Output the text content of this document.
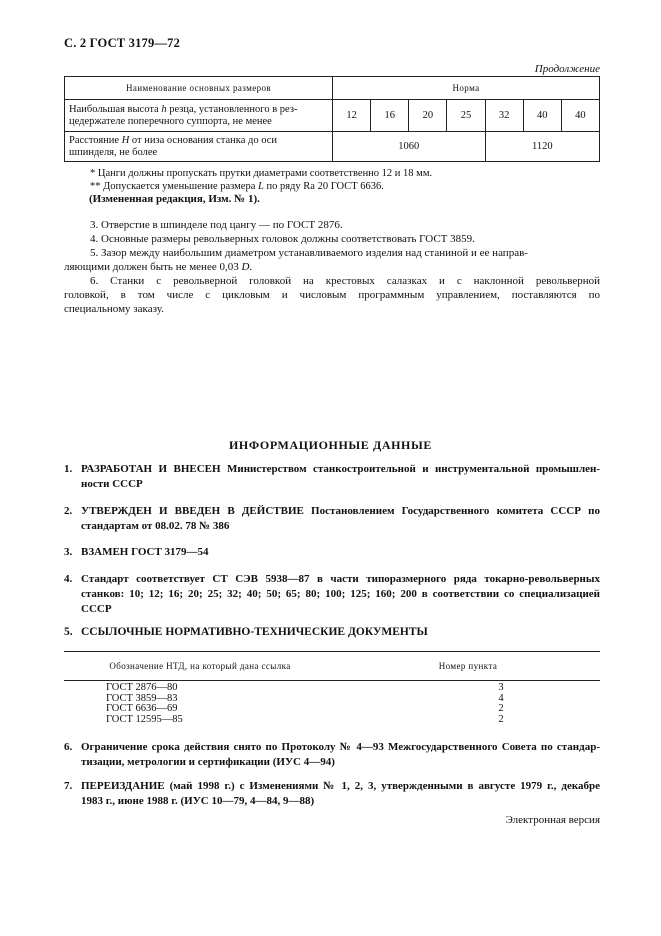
С. 2 ГОСТ 3179—72
Продолжение
Наименование основных размеров	Норма						
Наибольшая высота h резца, установленного в рез-
цедержателе поперечного суппорта, не менее	12	16	20	25	32	40	40
Расстояние H от низа основания станка до оси
шпинделя, не более	1060				1120		
* Цанги должны пропускать прутки диаметрами соответственно 12 и 18 мм.
** Допускается уменьшение размера L по ряду Ra 20 ГОСТ 6636.
(Измененная редакция, Изм. № 1).

3. Отверстие в шпинделе под цангу — по ГОСТ 2876.

4. Основные размеры револьверных головок должны соответствовать ГОСТ 3859.

5. Зазор между наибольшим диаметром устанавливаемого изделия над станиной и ее направ-

ляющими должен быть не менее 0,03 D.

6. Станки с револьверной головкой на крестовых салазках и с наклонной револьверной

головкой, в том числе с цикловым и числовым программным управлением, поставляются по

специальному заказу.

ИНФОРМАЦИОННЫЕ ДАННЫЕ
1. РАЗРАБОТАН И ВНЕСЕН Министерством станкостроительной и инструментальной промышлен-
ности СССР
2. УТВЕРЖДЕН И ВВЕДЕН В ДЕЙСТВИЕ Постановлением Государственного комитета СССР по
стандартам от 08.02. 78 № 386
3. ВЗАМЕН ГОСТ 3179—54
4. Стандарт соответствует СТ СЭВ 5938—87 в части типоразмерного ряда токарно-револьверных
станков: 10; 12; 16; 20; 25; 32; 40; 50; 65; 80; 100; 125; 160; 200 в соответствии со специализацией
СССР
5. ССЫЛОЧНЫЕ НОРМАТИВНО-ТЕХНИЧЕСКИЕ ДОКУМЕНТЫ
Обозначение НТД, на который дана ссылка	Номер пункта

ГОСТ 2876—80	3
ГОСТ 3859—83	4
ГОСТ 6636—69	2
ГОСТ 12595—85	2
6. Ограничение срока действия снято по Протоколу № 4—93 Межгосударственного Совета по стандар-
тизации, метрологии и сертификации (ИУС 4—94)
7. ПЕРЕИЗДАНИЕ (май 1998 г.) с Изменениями № 1, 2, 3, утвержденными в августе 1979 г., декабре
1983 г., июне 1988 г. (ИУС 10—79, 4—84, 9—88)
Электронная версия
